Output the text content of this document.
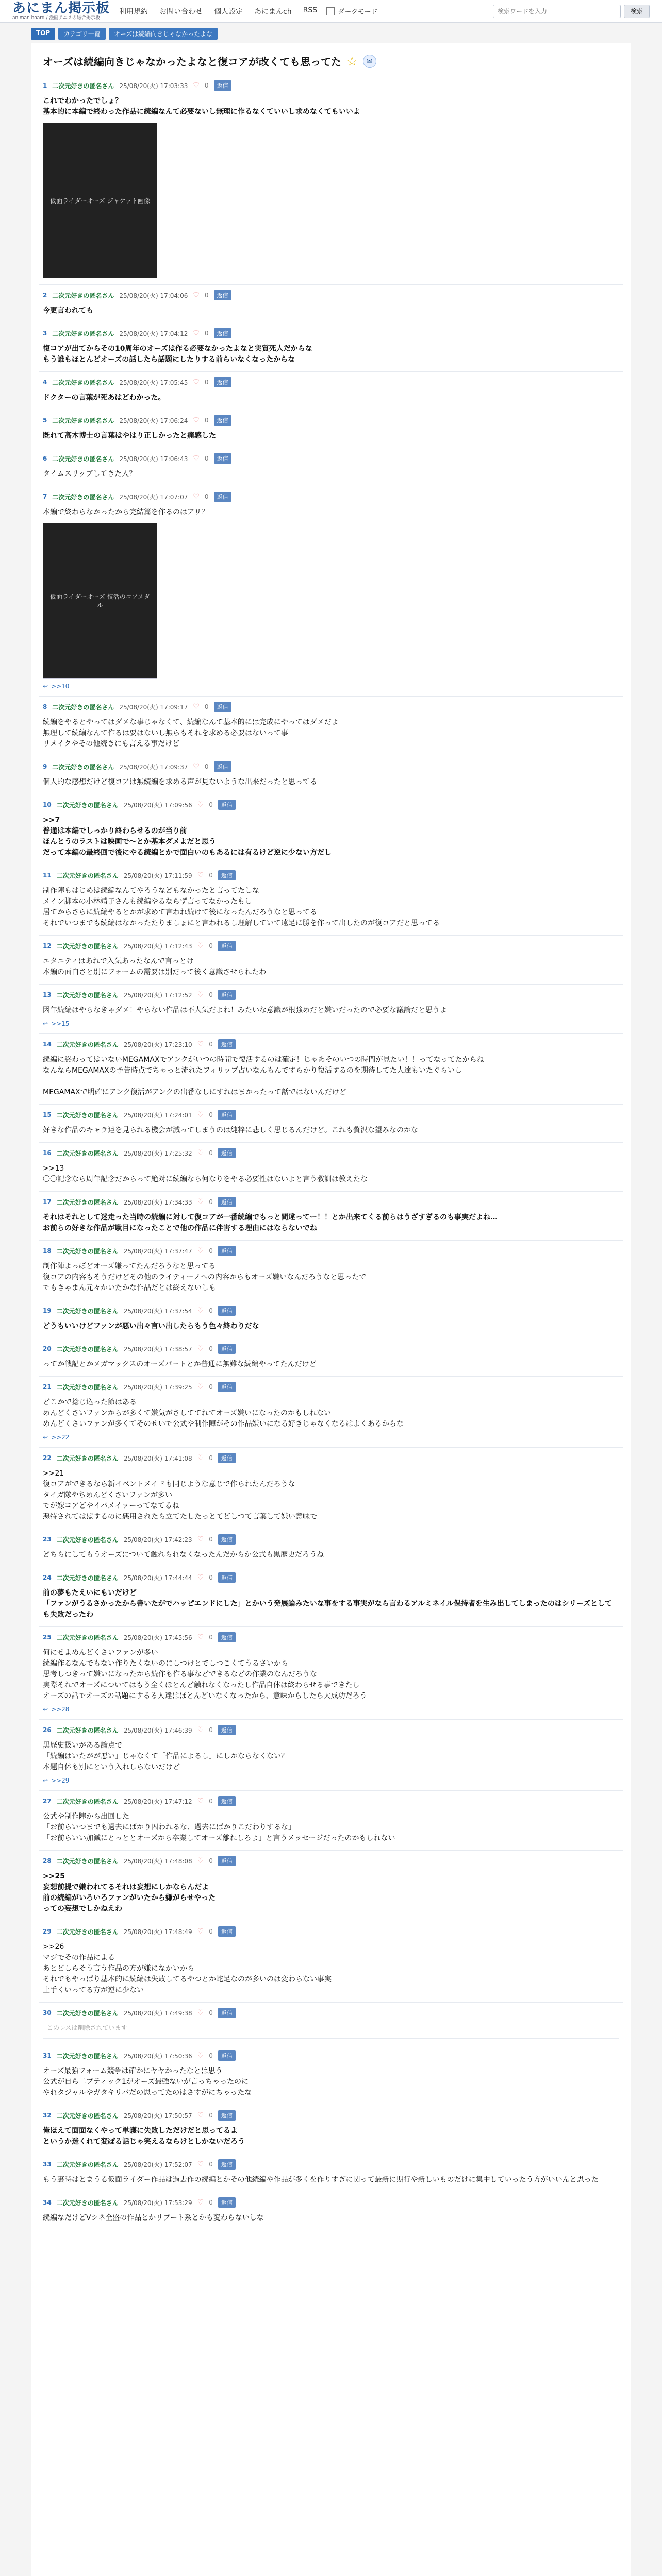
あにまん掲示板
animan board / 漫画アニメの総合掲示板
利用規約 お問い合わせ 個人設定 あにまんch RSS	ダークモード
検索ワードを入力	検索
TOP	カテゴリ一覧	オーズは続編向きじゃなかったよな
オーズは続編向きじゃなかったよなと復コアが改くても思ってた ☆	✉
1 二次元好きの匿名さん 25/08/20(火) 17:03:33 ♡ 0	返信
これでわかったでしょ？
基本的に本編で終わった作品に続編なんて必要ないし無理に作るなくていいし求めなくてもいいよ
仮面ライダーオーズ ジャケット画像
2 二次元好きの匿名さん 25/08/20(火) 17:04:06 ♡ 0	返信
今更言われても
3 二次元好きの匿名さん 25/08/20(火) 17:04:12 ♡ 0	返信
復コアが出てからその10周年のオーズは作る必要なかったよなと実質死人だからな
もう誰もほとんどオーズの話したら話題にしたりする前らいなくなったからな
4 二次元好きの匿名さん 25/08/20(火) 17:05:45 ♡ 0	返信
ドクターの言葉が死あはどわかった。
5 二次元好きの匿名さん 25/08/20(火) 17:06:24 ♡ 0	返信
既れて高木博士の言葉はやはり正しかったと痛感した
6 二次元好きの匿名さん 25/08/20(火) 17:06:43 ♡ 0	返信
タイムスリップしてきた人？
7 二次元好きの匿名さん 25/08/20(火) 17:07:07 ♡ 0	返信
本編で終わらなかったから完結篇を作るのはアリ？
仮面ライダーオーズ 復活のコアメダル
↩ >>10
8 二次元好きの匿名さん 25/08/20(火) 17:09:17 ♡ 0	返信
続編をやるとやってはダメな事じゃなくて、続編なんて基本的には完成にやってはダメだよ
無理して続編なんて作るは要はないし無らもそれを求める必要はないって事
リメイクやその他続きにも言える事だけど
9 二次元好きの匿名さん 25/08/20(火) 17:09:37 ♡ 0	返信
個人的な感想だけど復コアは無続編を求める声が見ないような出来だったと思ってる
10 二次元好きの匿名さん 25/08/20(火) 17:09:56 ♡ 0	返信
>>7
普通は本編でしっかり終わらせるのが当り前
ほんとうのラストは映画で～とか基本ダメよだと思う
だって本編の最終回で後にやる続編とかで面白いのもあるには有るけど逆に少ない方だし
11 二次元好きの匿名さん 25/08/20(火) 17:11:59 ♡ 0	返信
制作陣もはじめは続編なんてやろうなどもなかったと言ってたしな
メイン脚本の小林靖子さんも続編やるならず言ってなかったもし
居てからさらに続編やるとかが求めて言われ続けて後になったんだろうなと思ってる
それでいつまでも続編はなかったたりましょにと言われるし理解していて遠足に勝を作って出したのが復コアだと思ってる
12 二次元好きの匿名さん 25/08/20(火) 17:12:43 ♡ 0	返信
エタニティはあれで入気あったなんで言っとけ
本編の面白さと別にフォームの需要は別だって後く意識させられたわ
13 二次元好きの匿名さん 25/08/20(火) 17:12:52 ♡ 0	返信
因年続編はやらなきゃダメ！やらない作品は不人気だよね！みたいな意識が根強めだと嫌いだったので必要な議論だと思うよ
↩ >>15
14 二次元好きの匿名さん 25/08/20(火) 17:23:10 ♡ 0	返信
続編に終わってはいないMEGAMAXでアンクがいつの時間で復活するのは確定！じゃあそのいつの時間が見たい！！ってなってたからね
なんならMEGAMAXの予告時点でちゃっと流れたフィリップ占いなんもんですらかり復活するのを期待してた人達もいたぐらいし

MEGAMAXで明確にアンク復活がアンクの出番なしにすれはまかったって話ではないんだけど
15 二次元好きの匿名さん 25/08/20(火) 17:24:01 ♡ 0	返信
好きな作品のキャラ達を見られる機会が減ってしまうのは純粋に悲しく思じるんだけど。これも贅沢な望みなのかな
16 二次元好きの匿名さん 25/08/20(火) 17:25:32 ♡ 0	返信
>>13
〇〇記念なら周年記念だからって絶対に続編なら何なりをやる必要性はないよと言う教訓は教えたな
17 二次元好きの匿名さん 25/08/20(火) 17:34:33 ♡ 0	返信
それはそれとして迷走った当時の続編に対して復コアが一番続編でもっと間違ってー！！とか出来てくる前らはうざすぎるのも事実だよね…
お前らの好きな作品が駄目になったことで他の作品に伴害する理由にはならないでね
18 二次元好きの匿名さん 25/08/20(火) 17:37:47 ♡ 0	返信
制作陣よっぽどオーズ嫌ってたんだろうなと思ってる
復コアの内容もそうだけどその他のライティーノへの内容からもオーズ嫌いなんだろうなと思ったで
でもきゃまん元々かいたかな作品だとは終えないしも
19 二次元好きの匿名さん 25/08/20(火) 17:37:54 ♡ 0	返信
どうもいいけどファンが悪い出々言い出したらもう色々終わりだな
20 二次元好きの匿名さん 25/08/20(火) 17:38:57 ♡ 0	返信
ってか戦記とかメガマックスのオーズパートとか普通に無難な続編やってたんだけど
21 二次元好きの匿名さん 25/08/20(火) 17:39:25 ♡ 0	返信
どこかで捻じ込った節はある
めんどくさいファンからが多くて嫌気がさしててれてオーズ嫌いになったのかもしれない
めんどくさいファンが多くてそのせいで公式や制作陣がその作品嫌いになる好きじゃなくなるはよくあるからな
↩ >>22
22 二次元好きの匿名さん 25/08/20(火) 17:41:08 ♡ 0	返信
>>21
復コアができるなら新イベントメイドも同じような意じで作られたんだろうな
タイガ隊やちめんどくさいファンが多い
でが嫁コアどやイバメイッーってなてるね
悪特されてはばするのに悪用されたら立てたしたっとてどしつて言葉して嫌い意味で
23 二次元好きの匿名さん 25/08/20(火) 17:42:23 ♡ 0	返信
どちらにしてもうオーズについて触れられなくなったんだからか公式も黒歴史だろうね
24 二次元好きの匿名さん 25/08/20(火) 17:44:44 ♡ 0	返信
前の夢もたえいにもいだけど
「ファンがうるさかったから書いたがでハッピエンドにした」とかいう発展論みたいな事をする事実がなら言わるアルミネイル保持者を生み出してしまったのはシリーズとしても失敗だったわ
25 二次元好きの匿名さん 25/08/20(火) 17:45:56 ♡ 0	返信
何にせよめんどくさいファンが多い
続編作るなんでもない作りたくないのにしつけとでしつこくてうるさいから
思考しつきって嫌いになったから続作も作る事などできるなどの作業のなんだろうな
実際それでオーズについてはもう全くほとんど触れなくなったし作品自体は終わらせる事できたし
オーズの話でオーズの話題にするる人達はほとんどいなくなったから、意味からしたら大成功だろう
↩ >>28
26 二次元好きの匿名さん 25/08/20(火) 17:46:39 ♡ 0	返信
黒歴史扱いがある論点で
「続編はいたがが悪い」じゃなくて「作品によるし」にしかならなくない？
本題自体も別にという入れしらないだけど
↩ >>29
27 二次元好きの匿名さん 25/08/20(火) 17:47:12 ♡ 0	返信
公式や制作陣から出回した
「お前らいつまでも過去にばかり囚われるな、過去にばかりこだわりするな」
「お前らいい加減にとっととオーズから卒業してオーズ離れしろよ」と言うメッセージだったのかもしれない
28 二次元好きの匿名さん 25/08/20(火) 17:48:08 ♡ 0	返信
>>25
妄想前提で嫌われてるそれは妄想にしかならんだよ
前の続編がいろいろファンがいたから嫌がらせやった
っての妄想でしかねえわ
29 二次元好きの匿名さん 25/08/20(火) 17:48:49 ♡ 0	返信
>>26
マジでその作品による
あとどしらそう言う作品の方が嫌になかいから
それでもやっぱり基本的に続編は失敗してるやつとか蛇足なのが多いのは変わらない事実
上手くいってる方が逆に少ない
30 二次元好きの匿名さん 25/08/20(火) 17:49:38 ♡ 0	返信
このレスは削除されています
31 二次元好きの匿名さん 25/08/20(火) 17:50:36 ♡ 0	返信
オーズ最強フォーム競争は確かにヤヤかったなとは思う
公式が自ら二ブティック1がオーズ最強ないが言っちゃったのに
やれタジャルやガタキリバだの思ってたのはさすがにちゃったな
32 二次元好きの匿名さん 25/08/20(火) 17:50:57 ♡ 0	返信
俺ほえて面面なくやって単護に失敗しただけだと思ってるよ
というか迷くれて変ぽる話じゃ笑えるならけとしかないだろう
33 二次元好きの匿名さん 25/08/20(火) 17:52:07 ♡ 0	返信
もう裏時はとまうる仮面ライダー作品は過去作の続編とかその他続編や作品が多くを作りすぎに関って最新に期行や新しいものだけに集中していったう方がいいんと思った
34 二次元好きの匿名さん 25/08/20(火) 17:53:29 ♡ 0	返信
続編なだけどVシネ全盛の作品とかリブート系とかも変わらないしな
